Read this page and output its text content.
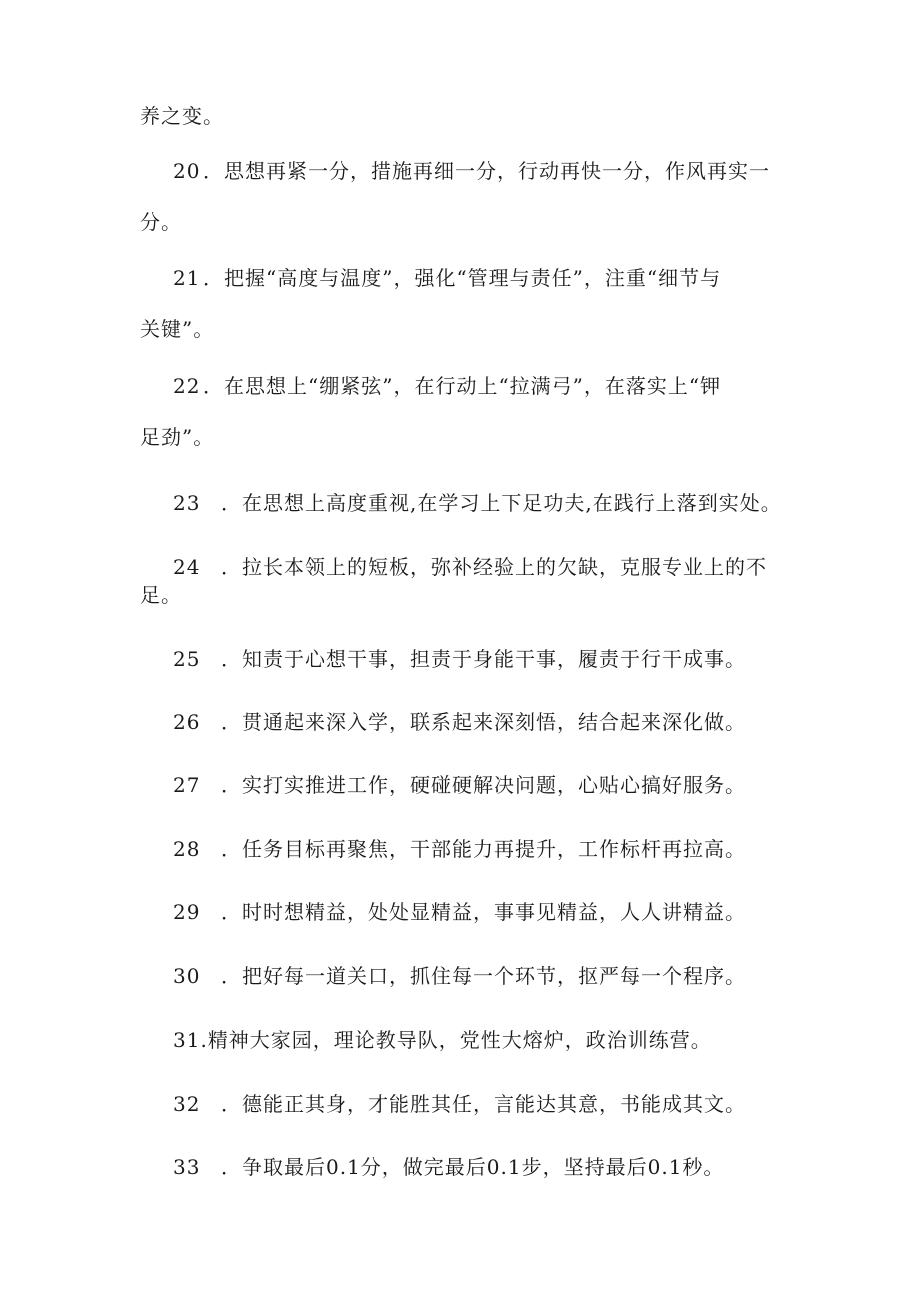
养之变。
20 ．思想再紧一分，措施再细一分，行动再快一分，作风再实一
分。
21 ．把握“高度与温度”，强化“管理与责任”，注重“细节与
关键”。
22 ．在思想上“绷紧弦”，在行动上“拉满弓”，在落实上“钾
足劲”。
23 ．在思想上高度重视,在学习上下足功夫,在践行上落到实处。
24 ．拉长本领上的短板，弥补经验上的欠缺，克服专业上的不
足。
25 ．知责于心想干事，担责于身能干事，履责于行干成事。
26 ．贯通起来深入学，联系起来深刻悟，结合起来深化做。
27 ．实打实推进工作，硬碰硬解决问题，心贴心搞好服务。
28 ．任务目标再聚焦，干部能力再提升，工作标杆再拉高。
29 ．时时想精益，处处显精益，事事见精益，人人讲精益。
30 ．把好每一道关口，抓住每一个环节，抠严每一个程序。
31.精神大家园，理论教导队，党性大熔炉，政治训练营。
32 ．德能正其身，才能胜其任，言能达其意，书能成其文。
33 ．争取最后0.1分，做完最后0.1步，坚持最后0.1秒。
